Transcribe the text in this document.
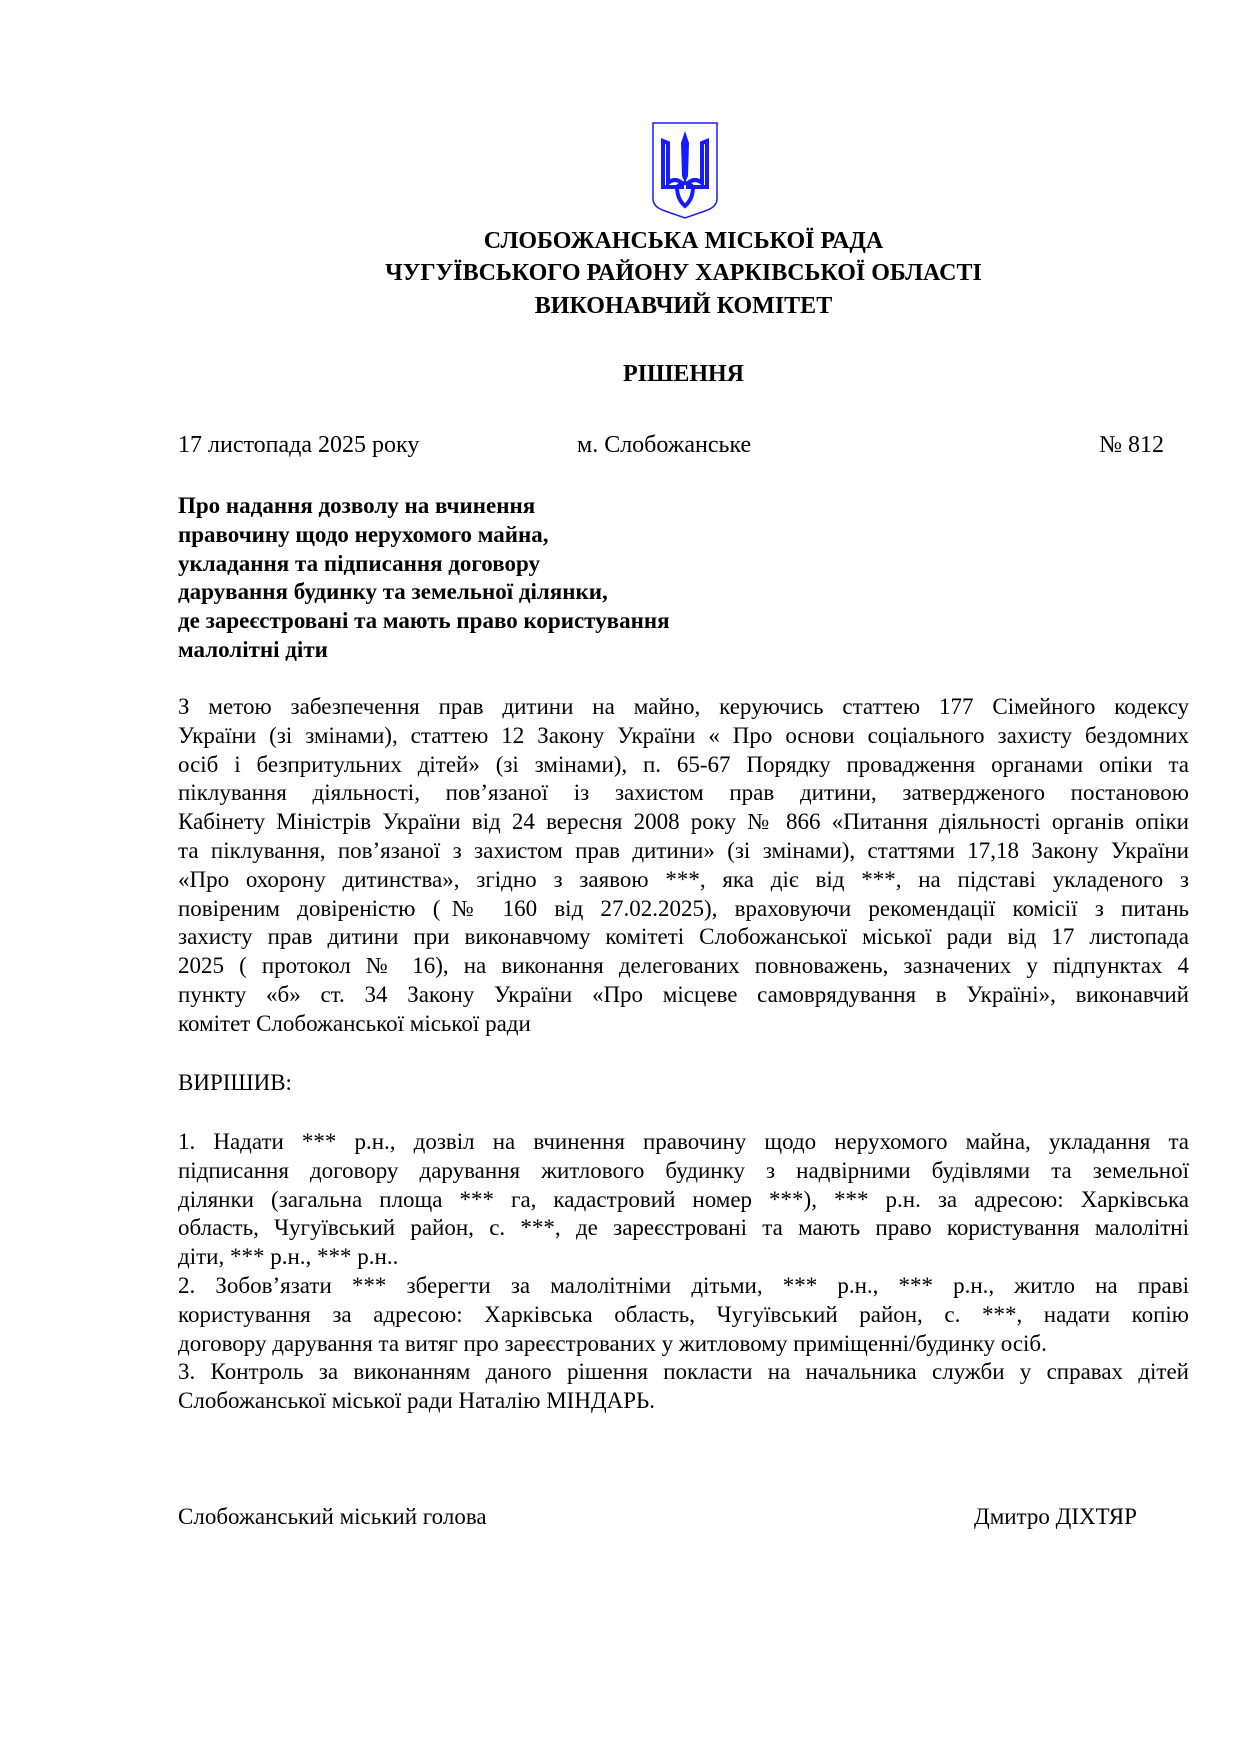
СЛОБОЖАНСЬКА МІСЬКОЇ РАДА
ЧУГУЇВСЬКОГО РАЙОНУ ХАРКІВСЬКОЇ ОБЛАСТІ
ВИКОНАВЧИЙ КОМІТЕТ
РІШЕННЯ
17 листопада 2025 року	м. Слобожанське	№ 812
Про надання дозволу на вчинення
правочину щодо нерухомого майна,
укладання та підписання договору
дарування будинку та земельної ділянки,
де зареєстровані та мають право користування
малолітні діти
З метою забезпечення прав дитини на майно, керуючись статтею 177 Сімейного кодексу
України (зі змінами), статтею 12 Закону України « Про основи соціального захисту бездомних
осіб і безпритульних дітей» (зі змінами), п. 65-67 Порядку провадження органами опіки та
піклування діяльності, пов’язаної із захистом прав дитини, затвердженого постановою
Кабінету Міністрів України від 24 вересня 2008 року № 866 «Питання діяльності органів опіки
та піклування, пов’язаної з захистом прав дитини» (зі змінами), статтями 17,18 Закону України
«Про охорону дитинства», згідно з заявою ***, яка діє від ***, на підставі укладеного з
повіреним довіреністю (№ 160 від 27.02.2025), враховуючи рекомендації комісії з питань
захисту прав дитини при виконавчому комітеті Слобожанської міської ради від 17 листопада
2025 ( протокол № 16), на виконання делегованих повноважень, зазначених у підпунктах 4
пункту «б» ст. 34 Закону України «Про місцеве самоврядування в Україні», виконавчий
комітет Слобожанської міської ради
ВИРІШИВ:
1. Надати *** р.н., дозвіл на вчинення правочину щодо нерухомого майна, укладання та
підписання договору дарування житлового будинку з надвірними будівлями та земельної
ділянки (загальна площа *** га, кадастровий номер ***), *** р.н. за адресою: Харківська
область, Чугуївський район, с. ***, де зареєстровані та мають право користування малолітні
діти, *** р.н., *** р.н..
2. Зобов’язати *** зберегти за малолітніми дітьми, *** р.н., *** р.н., житло на праві
користування за адресою: Харківська область, Чугуївський район, с. ***, надати копію
договору дарування та витяг про зареєстрованих у житловому приміщенні/будинку осіб.
3. Контроль за виконанням даного рішення покласти на начальника служби у справах дітей
Слобожанської міської ради Наталію МІНДАРЬ.
Слобожанський міський голова	Дмитро ДІХТЯР
